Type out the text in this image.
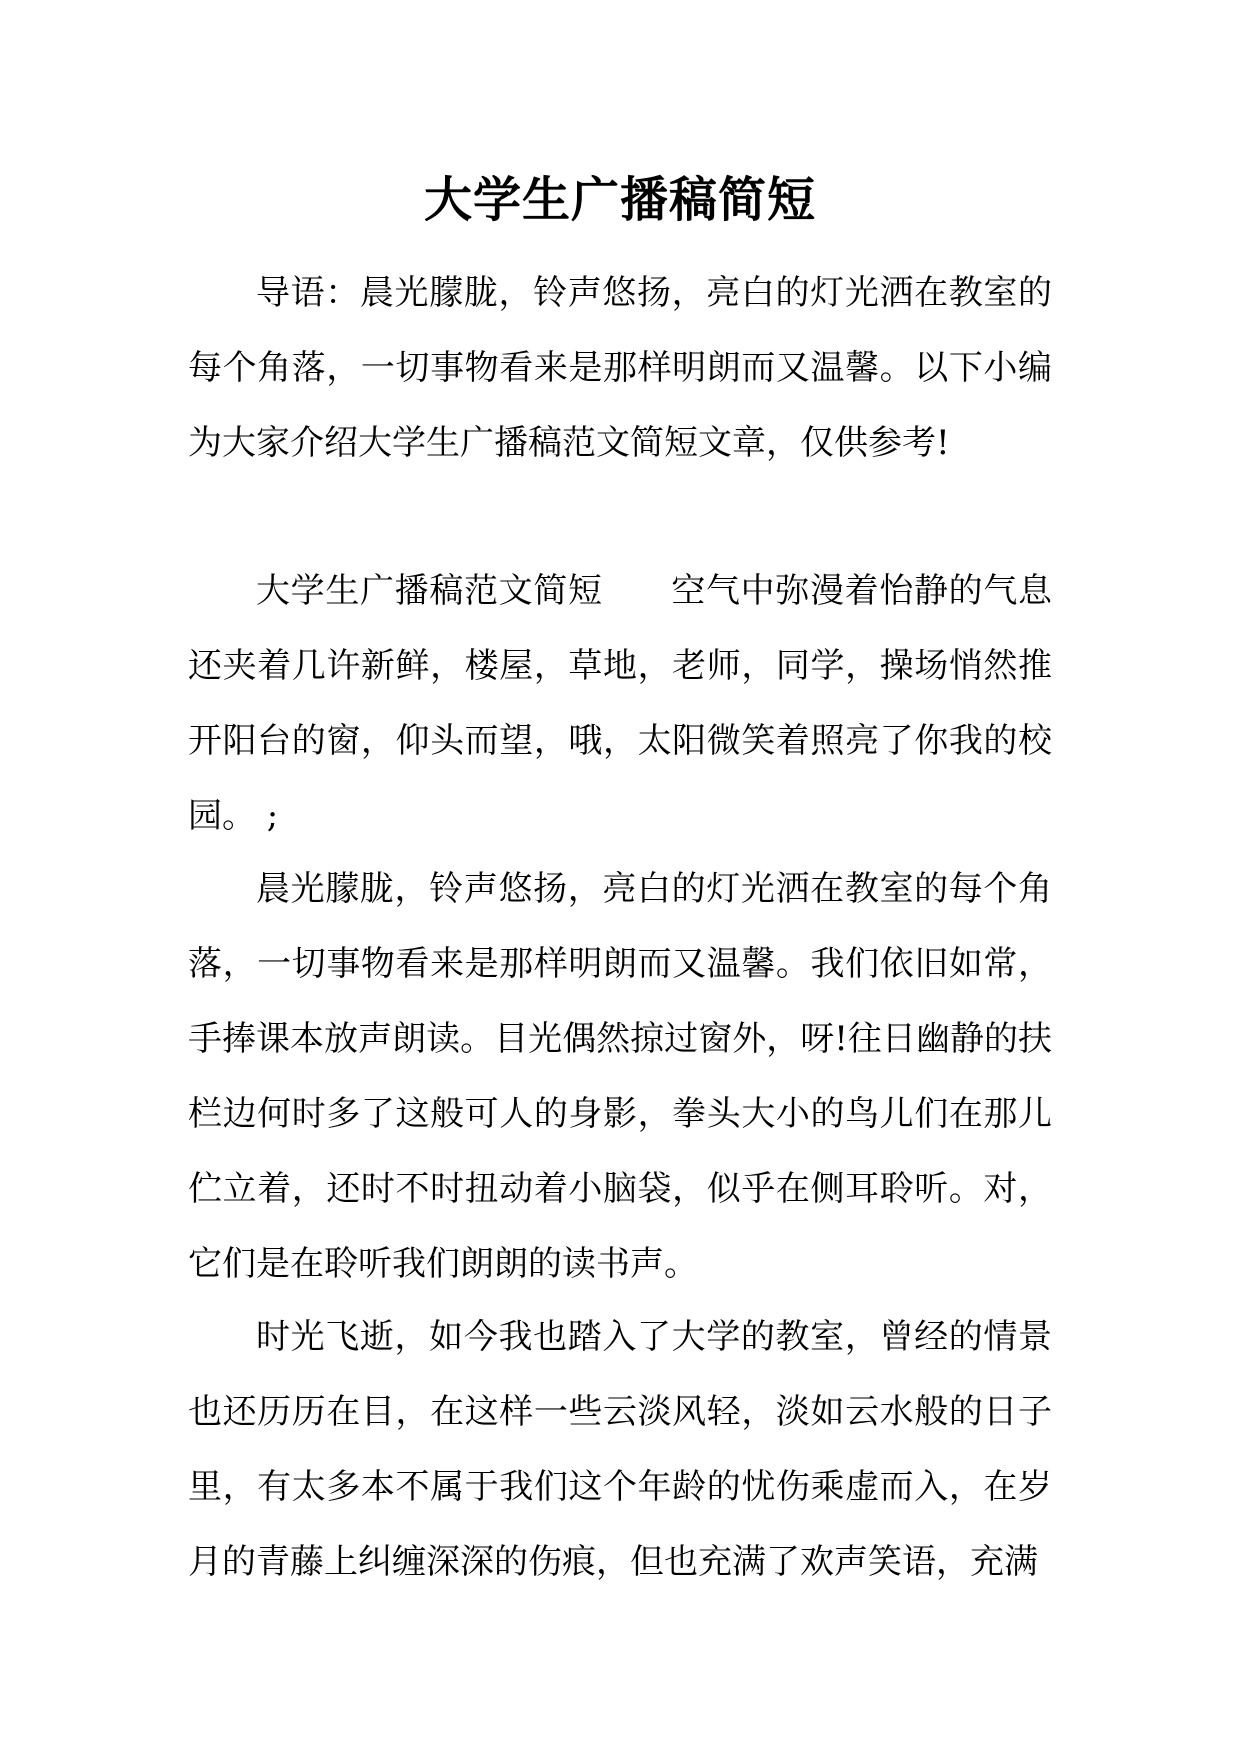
大学生广播稿简短

导语：晨光朦胧，铃声悠扬，亮白的灯光洒在教室的每个角落，一切事物看来是那样明朗而又温馨。以下小编为大家介绍大学生广播稿范文简短文章，仅供参考!

大学生广播稿范文简短 空气中弥漫着怡静的气息还夹着几许新鲜，楼屋，草地，老师，同学，操场悄然推开阳台的窗，仰头而望，哦，太阳微笑着照亮了你我的校园。 ;

晨光朦胧，铃声悠扬，亮白的灯光洒在教室的每个角落，一切事物看来是那样明朗而又温馨。我们依旧如常，手捧课本放声朗读。目光偶然掠过窗外，呀!往日幽静的扶栏边何时多了这般可人的身影，拳头大小的鸟儿们在那儿伫立着，还时不时扭动着小脑袋，似乎在侧耳聆听。对，它们是在聆听我们朗朗的读书声。

时光飞逝，如今我也踏入了大学的教室，曾经的情景也还历历在目，在这样一些云淡风轻，淡如云水般的日子里，有太多本不属于我们这个年龄的忧伤乘虚而入，在岁月的青藤上纠缠深深的伤痕，但也充满了欢声笑语，充满
